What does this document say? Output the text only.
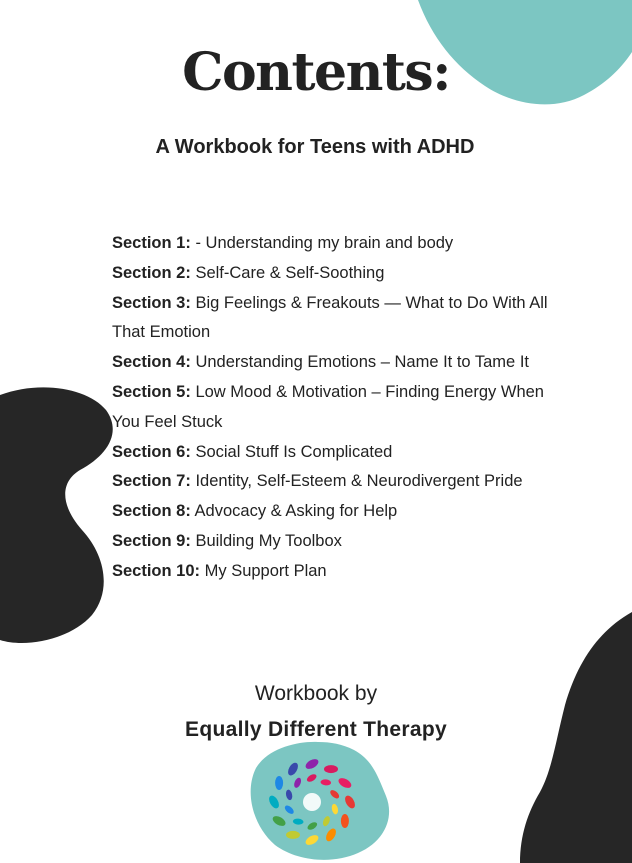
Contents:
A Workbook for Teens with ADHD
Section 1: - Understanding my brain and body
Section 2: Self-Care & Self-Soothing
Section 3: Big Feelings & Freakouts — What to Do With All That Emotion
Section 4: Understanding Emotions – Name It to Tame It
Section 5: Low Mood & Motivation – Finding Energy When You Feel Stuck
Section 6: Social Stuff Is Complicated
Section 7: Identity, Self-Esteem & Neurodivergent Pride
Section 8: Advocacy & Asking for Help
Section 9: Building My Toolbox
Section 10: My Support Plan

Workbook by

Equally Different Therapy
